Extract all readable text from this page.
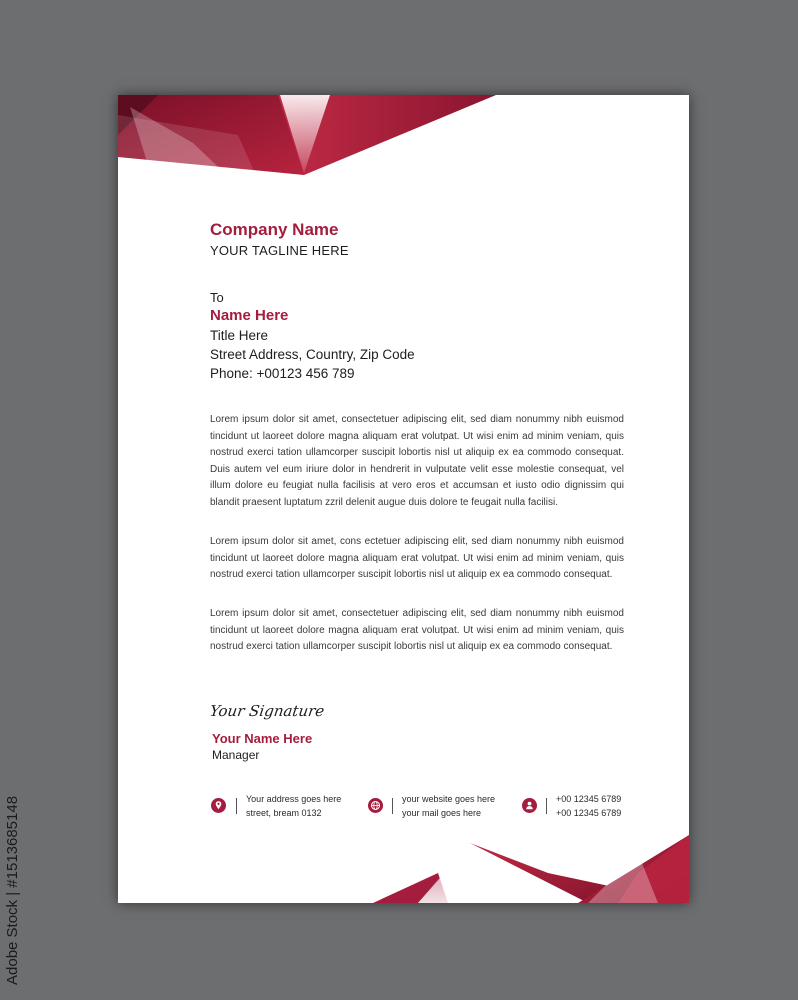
Adobe Stock | #1513685148
Company Name
YOUR TAGLINE HERE
To
Name Here
Title Here
Street Address, Country, Zip Code
Phone: +00123 456 789

Lorem ipsum dolor sit amet, consectetuer adipiscing elit, sed diam nonummy nibh euismod tincidunt ut laoreet dolore magna aliquam erat volutpat. Ut wisi enim ad minim veniam, quis nostrud exerci tation ullamcorper suscipit lobortis nisl ut aliquip ex ea commodo consequat. Duis autem vel eum iriure dolor in hendrerit in vulputate velit esse molestie consequat, vel illum dolore eu feugiat nulla facilisis at vero eros et accumsan et iusto odio dignissim qui blandit praesent luptatum zzril delenit augue duis dolore te feugait nulla facilisi.

Lorem ipsum dolor sit amet, cons ectetuer adipiscing elit, sed diam nonummy nibh euismod tincidunt ut laoreet dolore magna aliquam erat volutpat. Ut wisi enim ad minim veniam, quis nostrud exerci tation ullamcorper suscipit lobortis nisl ut aliquip ex ea commodo consequat.

Lorem ipsum dolor sit amet, consectetuer adipiscing elit, sed diam nonummy nibh euismod tincidunt ut laoreet dolore magna aliquam erat volutpat. Ut wisi enim ad minim veniam, quis nostrud exerci tation ullamcorper suscipit lobortis nisl ut aliquip ex ea commodo consequat.

Your Signature
Your Name Here
Manager
Your address goes here
street, bream 0132
your website goes here
your mail goes here
+00 12345 6789
+00 12345 6789
